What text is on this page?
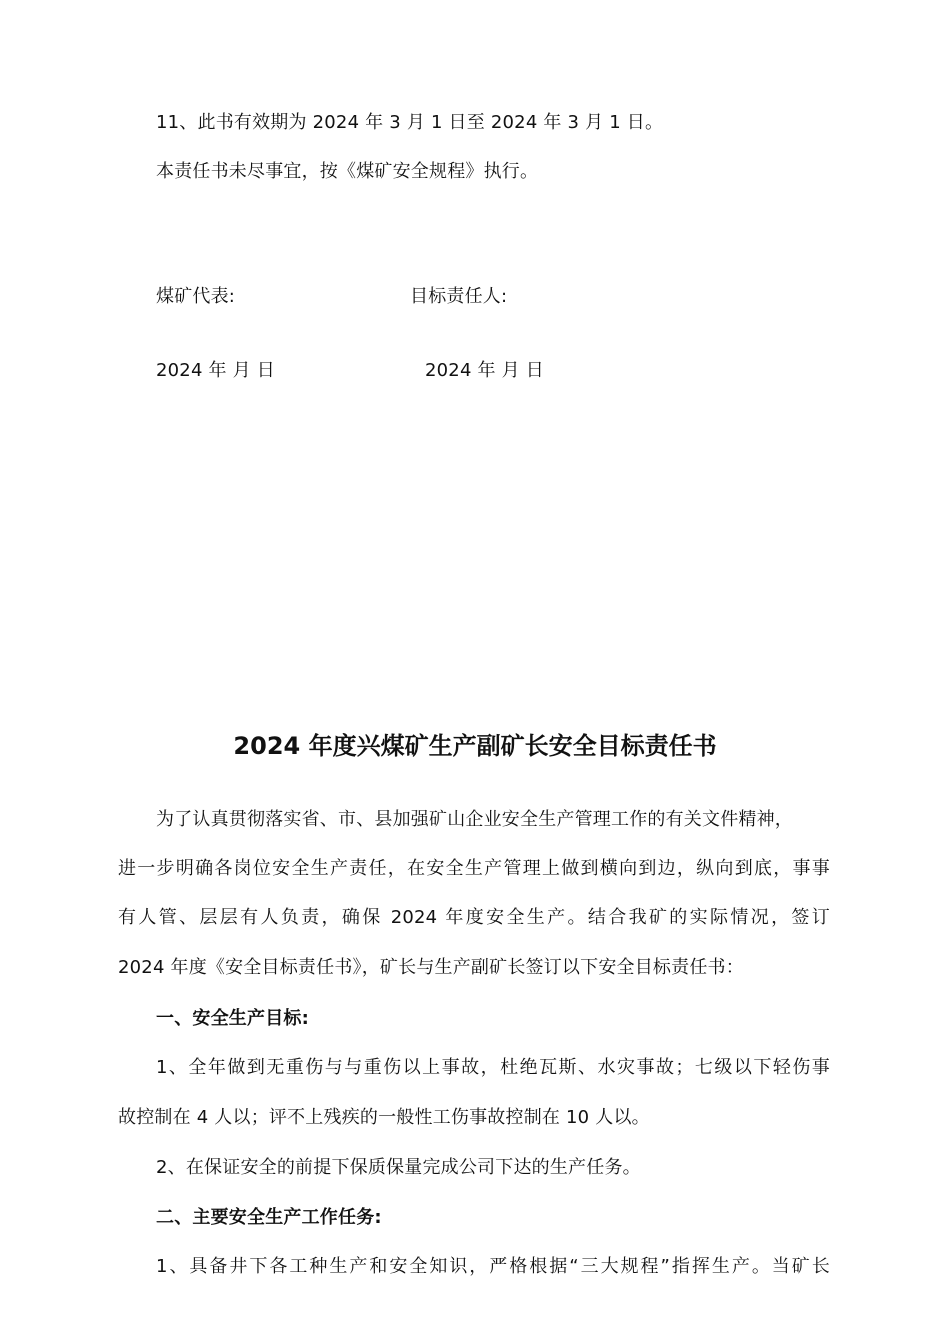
11、此书有效期为 2024 年 3 月 1 日至 2024 年 3 月 1 日。
本责任书未尽事宜，按《煤矿安全规程》执行。
煤矿代表:	目标责任人:
2024 年 月 日	2024 年 月 日
2024 年度兴煤矿生产副矿长安全目标责任书
为了认真贯彻落实省、市、县加强矿山企业安全生产管理工作的有关文件精神，
进一步明确各岗位安全生产责任，在安全生产管理上做到横向到边，纵向到底，事事
有人管、层层有人负责，确保 2024 年度安全生产。结合我矿的实际情况，签订
2024 年度《安全目标责任书》，矿长与生产副矿长签订以下安全目标责任书：
一、安全生产目标:
1、全年做到无重伤与与重伤以上事故，杜绝瓦斯、水灾事故；七级以下轻伤事
故控制在 4 人以；评不上残疾的一般性工伤事故控制在 10 人以。
2、在保证安全的前提下保质保量完成公司下达的生产任务。
二、主要安全生产工作任务:
1、具备井下各工种生产和安全知识，严格根据“三大规程”指挥生产。当矿长
